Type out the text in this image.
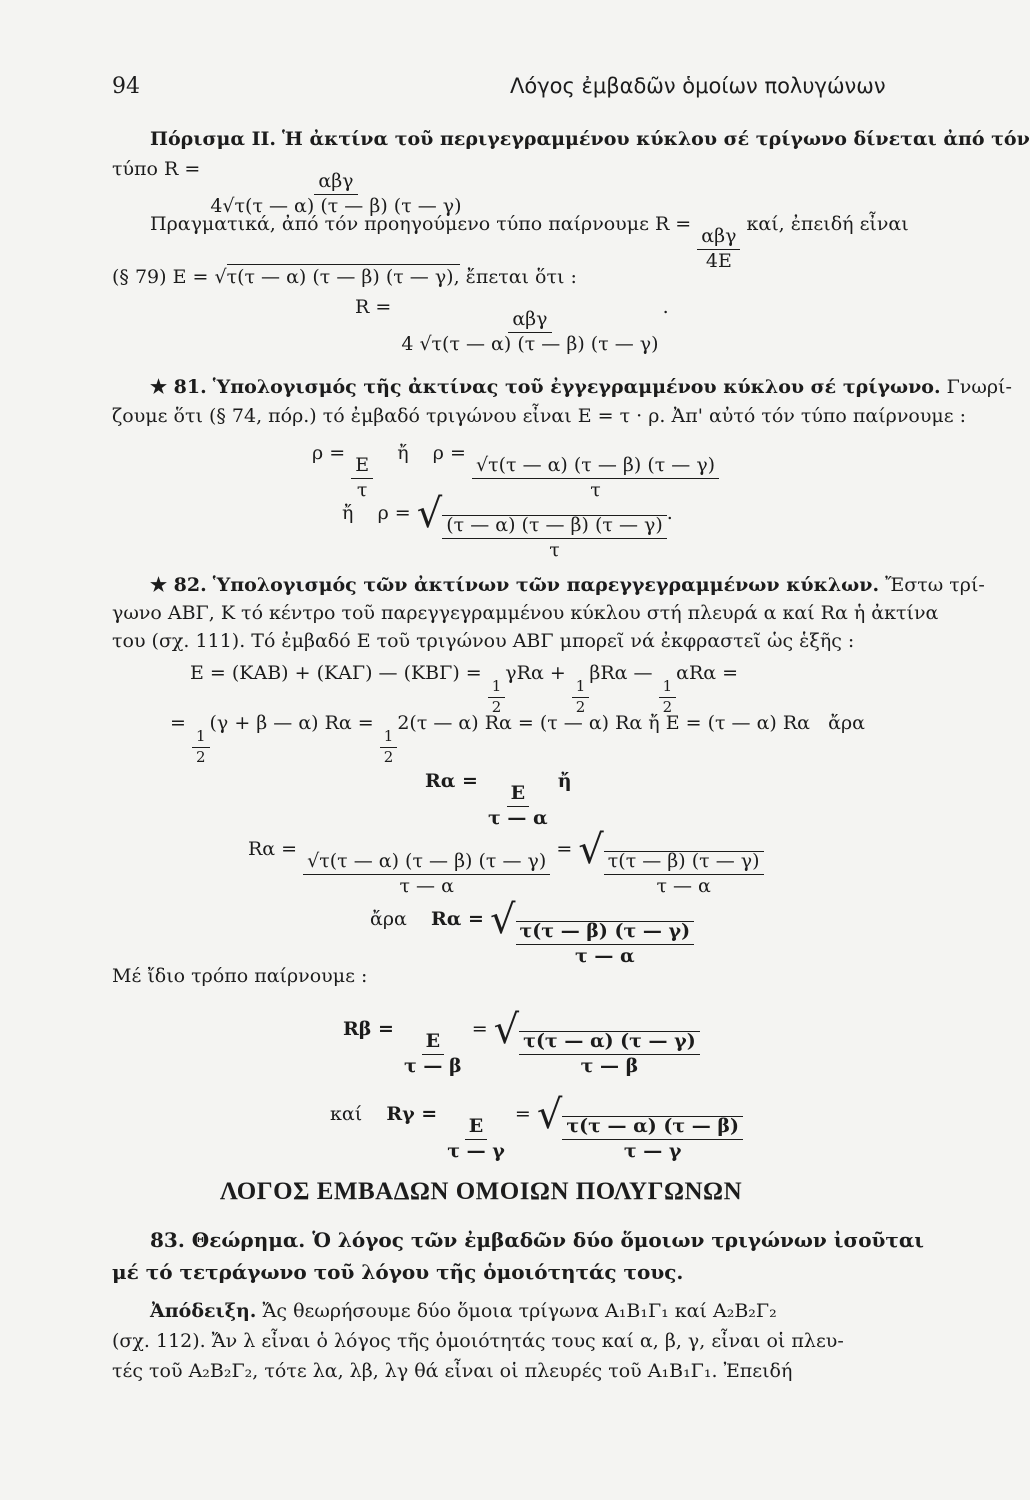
94	Λόγος ἐμβαδῶν ὁμοίων πολυγώνων
Πόρισμα ΙΙ. Ἡ ἀκτίνα τοῦ περιγεγραμμένου κύκλου σέ τρίγωνο δίνεται ἀπό τόν
τύπο R =
$\frac{\text{αβγ}}{4√\tau(\tau — \alpha) (\tau — \beta) (\tau — \gamma)}$
Πραγματικά, ἀπό τόν προηγούμενο τύπο παίρνουμε R =
$\frac{\text{αβγ}}{4E}$
καί, ἐπειδή εἶναι
(§ 79) Ε = √τ(τ — α) (τ — β) (τ — γ), ἔπεται ὅτι :
R =
$\frac{\text{αβγ}}{4 √\tau(\tau — \alpha) (\tau — \beta) (\tau — \gamma)}$
.
★ 81. Ὑπολογισμός τῆς ἀκτίνας τοῦ ἐγγεγραμμένου κύκλου σέ τρίγωνο. Γνωρί-
ζουμε ὅτι (§ 74, πόρ.) τό ἐμβαδό τριγώνου εἶναι Ε = τ · ρ. Ἀπ' αὐτό τόν τύπο παίρνουμε :
ρ =
$\frac{E}{\tau}$
ἤ ρ =
$\frac{√\tau(\tau — \alpha) (\tau — \beta) (\tau — \gamma)}{\tau}$
ἤ ρ = √
$\frac{(\tau — \alpha) (\tau — \beta) (\tau — \gamma)}{\tau}$
.
★ 82. Ὑπολογισμός τῶν ἀκτίνων τῶν παρεγγεγραμμένων κύκλων. Ἔστω τρί-
γωνο ΑΒΓ, Κ τό κέντρο τοῦ παρεγγεγραμμένου κύκλου στή πλευρά α καί Rα ἡ ἀκτίνα
του (σχ. 111). Τό ἐμβαδό Ε τοῦ τριγώνου ΑΒΓ μπορεῖ νά ἐκφραστεῖ ὡς ἑξῆς :
Ε = (ΚΑΒ) + (ΚΑΓ) — (ΚΒΓ) =
$\frac{1}{2}$
γRα +
$\frac{1}{2}$
βRα —
$\frac{1}{2}$
αRα =
=
$\frac{1}{2}$
(γ + β — α) Rα =
$\frac{1}{2}$
2(τ — α) Rα = (τ — α) Rα ἤ Ε = (τ — α) Rα ἄρα
Rα =
$\frac{E}{\tau — \alpha}$
ἤ
Rα =
$\frac{√\tau(\tau — \alpha) (\tau — \beta) (\tau — \gamma)}{\tau — \alpha}$
= √
$\frac{\tau(\tau — \beta) (\tau — \gamma)}{\tau — \alpha}$
ἄρα Rα = √
$\frac{\tau(\tau — \beta) (\tau — \gamma)}{\tau — \alpha}$
Μέ ἴδιο τρόπο παίρνουμε :
Rβ =
$\frac{E}{\tau — \beta}$
= √
$\frac{\tau(\tau — \alpha) (\tau — \gamma)}{\tau — \beta}$
καί Rγ =
$\frac{E}{\tau — \gamma}$
= √
$\frac{\tau(\tau — \alpha) (\tau — \beta)}{\tau — \gamma}$
ΛΟΓΟΣ ΕΜΒΑΔΩΝ ΟΜΟΙΩΝ ΠΟΛΥΓΩΝΩΝ
83. Θεώρημα. Ὁ λόγος τῶν ἐμβαδῶν δύο ὅμοιων τριγώνων ἰσοῦται
μέ τό τετράγωνο τοῦ λόγου τῆς ὁμοιότητάς τους.
Ἀπόδειξη. Ἄς θεωρήσουμε δύο ὅμοια τρίγωνα Α₁Β₁Γ₁ καί Α₂Β₂Γ₂
(σχ. 112). Ἄν λ εἶναι ὁ λόγος τῆς ὁμοιότητάς τους καί α, β, γ, εἶναι οἱ πλευ-
τές τοῦ Α₂Β₂Γ₂, τότε λα, λβ, λγ θά εἶναι οἱ πλευρές τοῦ Α₁Β₁Γ₁. Ἐπειδή
